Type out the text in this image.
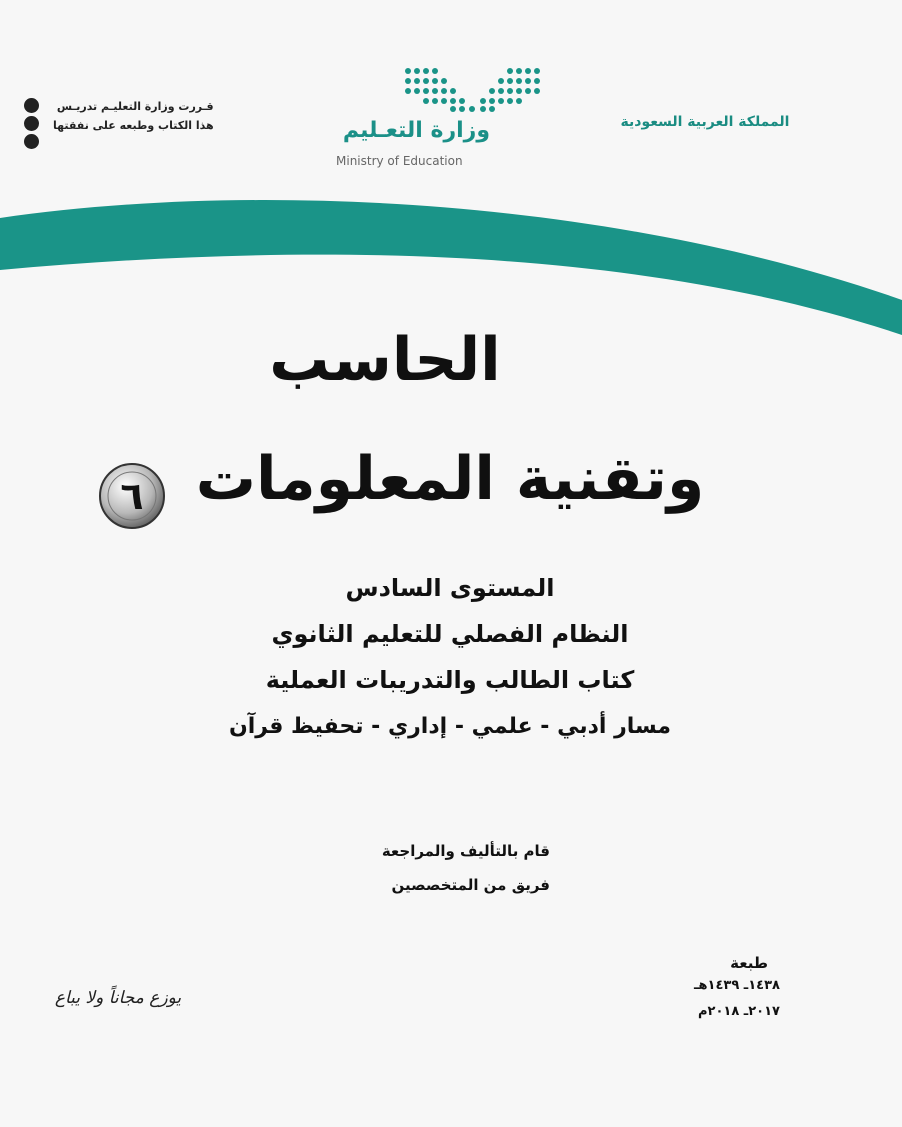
قـررت وزارة التعليـم تدريـس
هذا الكتاب وطبعه على نفقتها	المملكة العربية السعودية
وزارة التعـليم
Ministry of Education
الحاسب
وتقنية المعلومات
٦
المستوى السادس
النظام الفصلي للتعليم الثانوي
كتاب الطالب والتدريبات العملية
مسار أدبي - علمي - إداري - تحفيظ قرآن
قام بالتأليف والمراجعة
فريق من المتخصصين
طبعة
١٤٣٨ـ ١٤٣٩هـ
٢٠١٧ـ ٢٠١٨م
يوزع مجاناً ولا يباع
